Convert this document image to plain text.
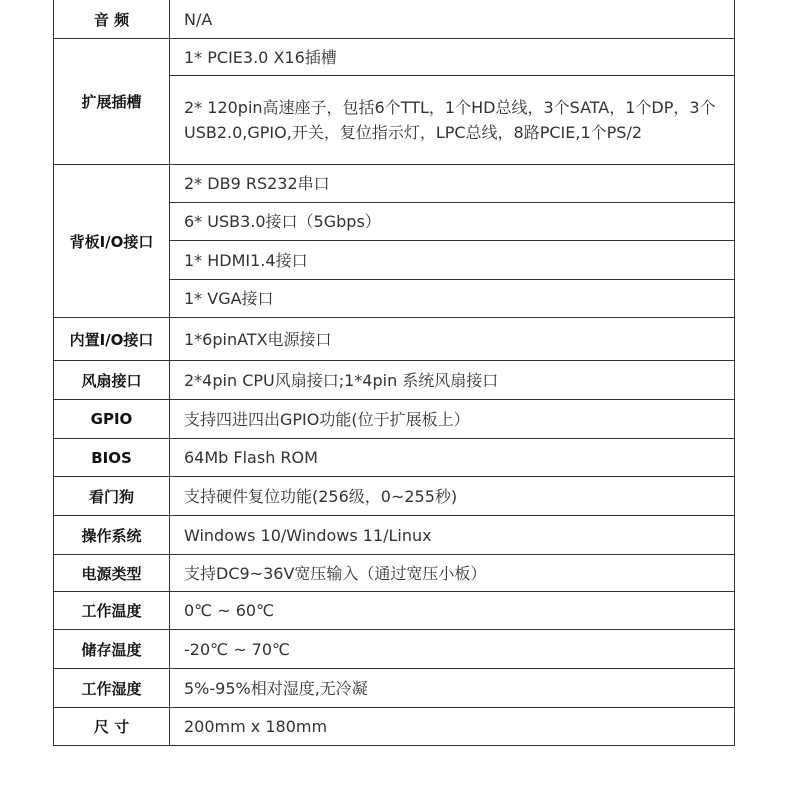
音 频	N/A
扩展插槽	1* PCIE3.0 X16插槽
	2* 120pin高速座子，包括6个TTL，1个HD总线，3个SATA，1个DP，3个 USB2.0,GPIO,开关，复位指示灯，LPC总线，8路PCIE,1个PS/2
背板I/O接口	2* DB9 RS232串口
	6* USB3.0接口（5Gbps）
	1* HDMI1.4接口
	1* VGA接口
内置I/O接口	1*6pinATX电源接口
风扇接口	2*4pin CPU风扇接口;1*4pin 系统风扇接口
GPIO	支持四进四出GPIO功能(位于扩展板上）
BIOS	64Mb Flash ROM
看门狗	支持硬件复位功能(256级，0~255秒)
操作系统	Windows 10/Windows 11/Linux
电源类型	支持DC9~36V宽压输入（通过宽压小板）
工作温度	0℃ ~ 60℃
储存温度	-20℃ ~ 70℃
工作湿度	5%-95%相对湿度,无冷凝
尺 寸	200mm x 180mm
